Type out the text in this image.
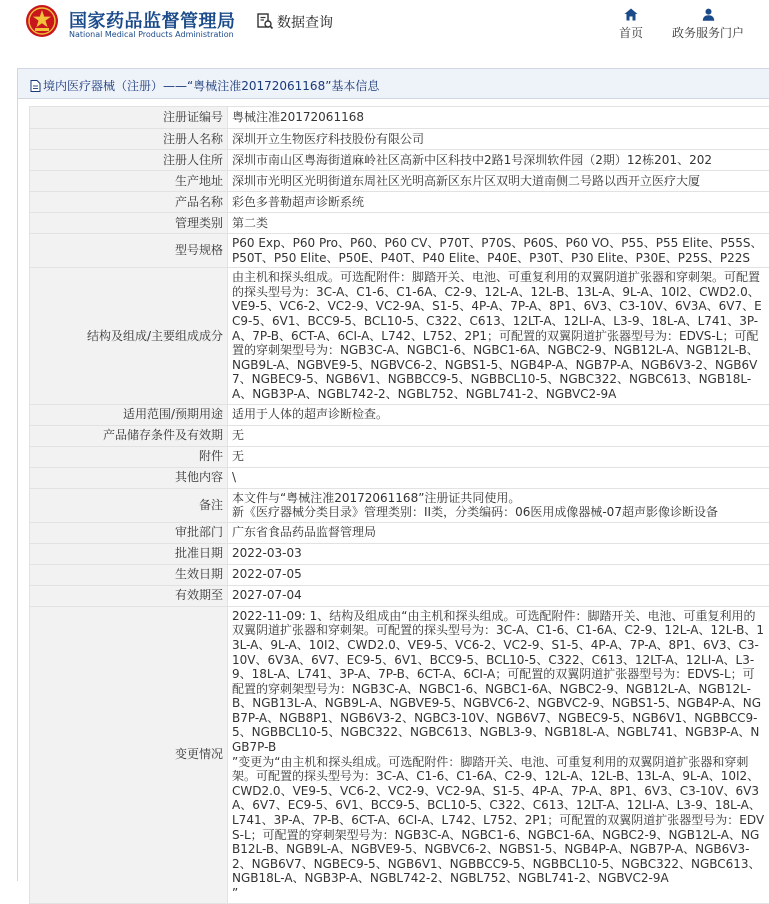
国家药品监督管理局
National Medical Products Administration
数据查询
首页	政务服务门户
境内医疗器械（注册）——“粤械注准20172061168”基本信息
注册证编号	粤械注准20172061168
注册人名称	深圳开立生物医疗科技股份有限公司
注册人住所	深圳市南山区粤海街道麻岭社区高新中区科技中2路1号深圳软件园（2期）12栋201、202
生产地址	深圳市光明区光明街道东周社区光明高新区东片区双明大道南侧二号路以西开立医疗大厦
产品名称	彩色多普勒超声诊断系统
管理类别	第二类
型号规格	P60 Exp、P60 Pro、P60、P60 CV、P70T、P70S、P60S、P60 VO、P55、P55 Elite、P55S、P50T、P50 Elite、P50E、P40T、P40 Elite、P40E、P30T、P30 Elite、P30E、P25S、P22S
结构及组成/主要组成成分	由主机和探头组成。可选配附件：脚踏开关、电池、可重复利用的双翼阴道扩张器和穿刺架。可配置的探头型号为：3C-A、C1-6、C1-6A、C2-9、12L-A、12L-B、13L-A、9L-A、10I2、CWD2.0、VE9-5、VC6-2、VC2-9、VC2-9A、S1-5、4P-A、7P-A、8P1、6V3、C3-10V、6V3A、6V7、EC9-5、6V1、BCC9-5、BCL10-5、C322、C613、12LT-A、12LI-A、L3-9、18L-A、L741、3P-A、7P-B、6CT-A、6CI-A、L742、L752、2P1；可配置的双翼阴道扩张器型号为：EDVS-L；可配置的穿刺架型号为：NGB3C-A、NGBC1-6、NGBC1-6A、NGBC2-9、NGB12L-A、NGB12L-B、NGB9L-A、NGBVE9-5、NGBVC6-2、NGBS1-5、NGB4P-A、NGB7P-A、NGB6V3-2、NGB6V7、NGBEC9-5、NGB6V1、NGBBCC9-5、NGBBCL10-5、NGBC322、NGBC613、NGB18L-A、NGB3P-A、NGBL742-2、NGBL752、NGBL741-2、NGBVC2-9A
适用范围/预期用途	适用于人体的超声诊断检查。
产品储存条件及有效期	无
附件	无
其他内容	\
备注	本文件与“粤械注准20172061168”注册证共同使用。
新《医疗器械分类目录》管理类别：II类，分类编码：06医用成像器械-07超声影像诊断设备

审批部门	广东省食品药品监督管理局
批准日期	2022-03-03
生效日期	2022-07-05
有效期至	2027-07-04
变更情况	2022-11-09: 1、结构及组成由“由主机和探头组成。可选配附件：脚踏开关、电池、可重复利用的双翼阴道扩张器和穿刺架。可配置的探头型号为：3C-A、C1-6、C1-6A、C2-9、12L-A、12L-B、13L-A、9L-A、10I2、CWD2.0、VE9-5、VC6-2、VC2-9、S1-5、4P-A、7P-A、8P1、6V3、C3-10V、6V3A、6V7、EC9-5、6V1、BCC9-5、BCL10-5、C322、C613、12LT-A、12LI-A、L3-9、18L-A、L741、3P-A、7P-B、6CT-A、6CI-A；可配置的双翼阴道扩张器型号为：EDVS-L；可配置的穿刺架型号为：NGB3C-A、NGBC1-6、NGBC1-6A、NGBC2-9、NGB12L-A、NGB12L-B、NGB13L-A、NGB9L-A、NGBVE9-5、NGBVC6-2、NGBVC2-9、NGBS1-5、NGB4P-A、NGB7P-A、NGB8P1、NGB6V3-2、NGBC3-10V、NGB6V7、NGBEC9-5、NGB6V1、NGBBCC9-5、NGBBCL10-5、NGBC322、NGBC613、NGBL3-9、NGB18L-A、NGBL741、NGB3P-A、NGB7P-B
”变更为“由主机和探头组成。可选配附件：脚踏开关、电池、可重复利用的双翼阴道扩张器和穿刺架。可配置的探头型号为：3C-A、C1-6、C1-6A、C2-9、12L-A、12L-B、13L-A、9L-A、10I2、CWD2.0、VE9-5、VC6-2、VC2-9、VC2-9A、S1-5、4P-A、7P-A、8P1、6V3、C3-10V、6V3A、6V7、EC9-5、6V1、BCC9-5、BCL10-5、C322、C613、12LT-A、12LI-A、L3-9、18L-A、L741、3P-A、7P-B、6CT-A、6CI-A、L742、L752、2P1；可配置的双翼阴道扩张器型号为：EDVS-L；可配置的穿刺架型号为：NGB3C-A、NGBC1-6、NGBC1-6A、NGBC2-9、NGB12L-A、NGB12L-B、NGB9L-A、NGBVE9-5、NGBVC6-2、NGBS1-5、NGB4P-A、NGB7P-A、NGB6V3-2、NGB6V7、NGBEC9-5、NGB6V1、NGBBCC9-5、NGBBCL10-5、NGBC322、NGBC613、NGB18L-A、NGB3P-A、NGBL742-2、NGBL752、NGBL741-2、NGBVC2-9A
”
